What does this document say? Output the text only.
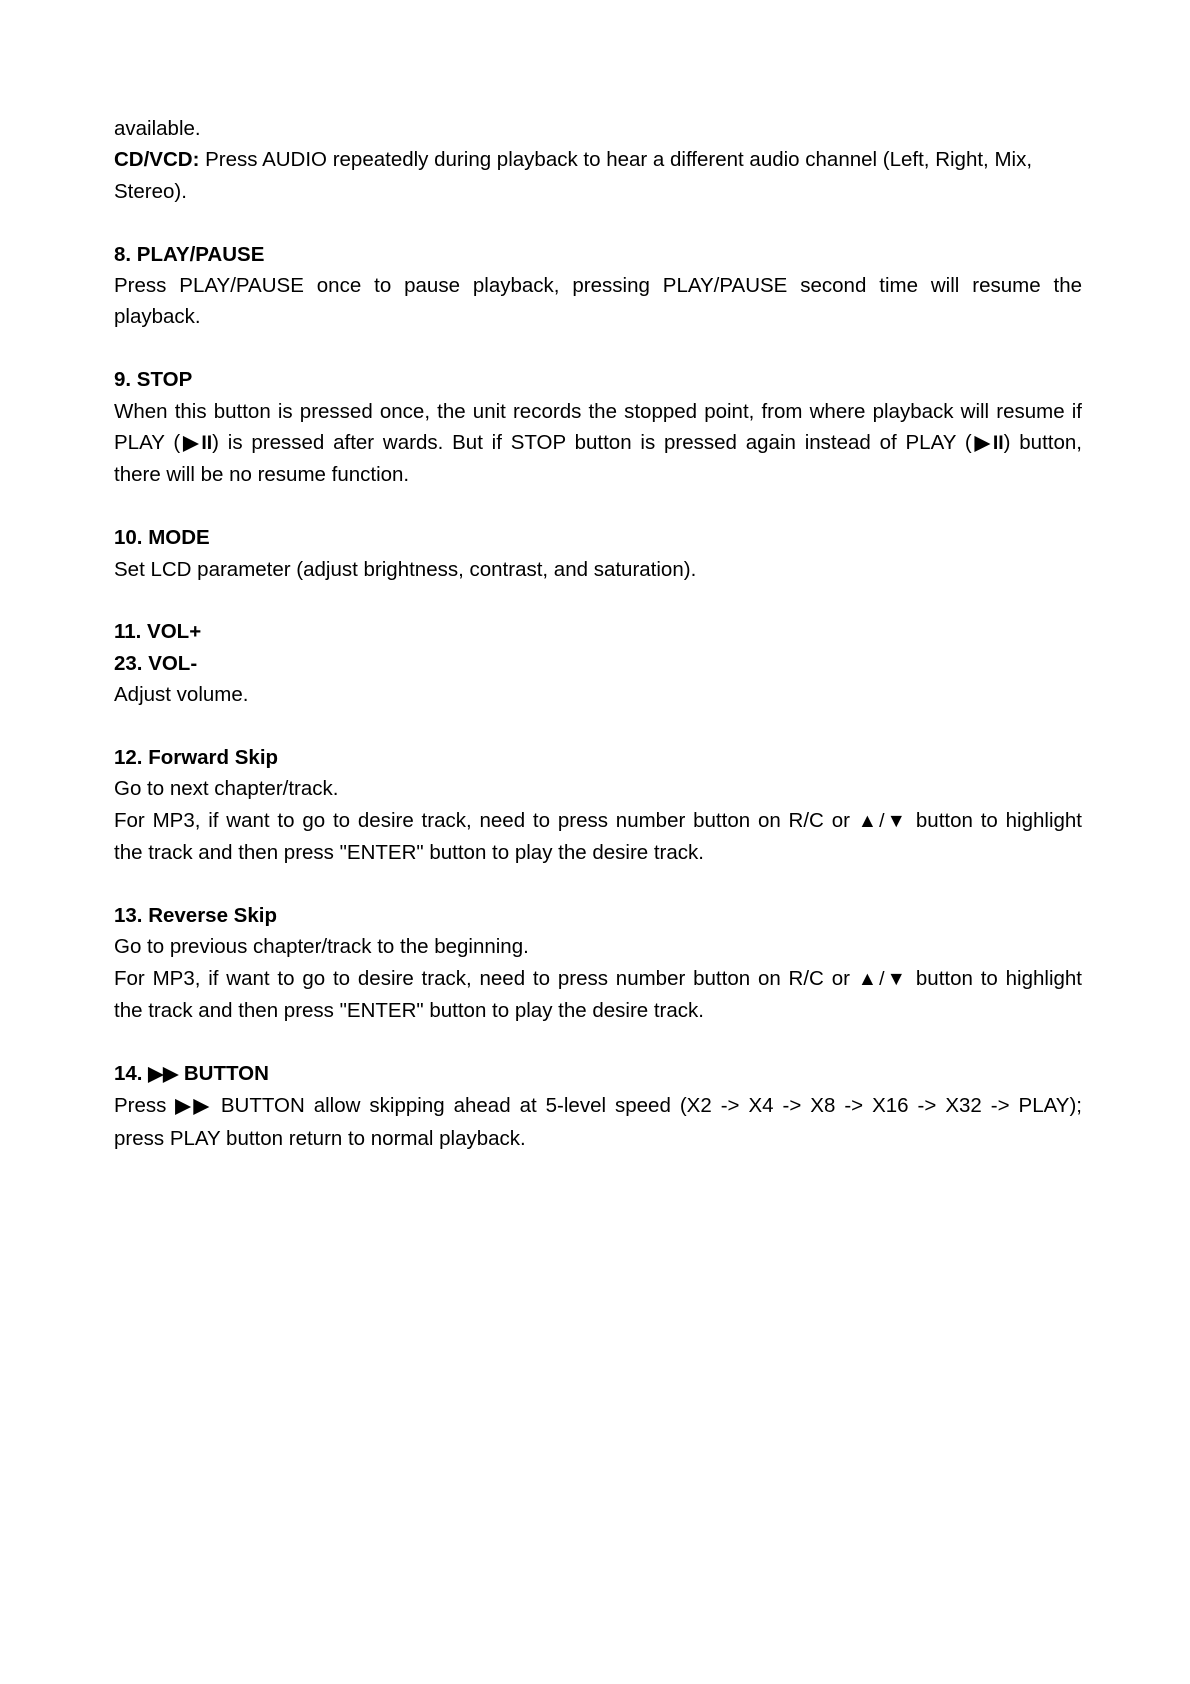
available.

CD/VCD: Press AUDIO repeatedly during playback to hear a different audio channel (Left, Right, Mix,

Stereo).

8. PLAY/PAUSE

Press PLAY/PAUSE once to pause playback, pressing PLAY/PAUSE second time will resume the

playback.

9. STOP

When this button is pressed once, the unit records the stopped point, from where playback will resume if

PLAY (▶II) is pressed after wards. But if STOP button is pressed again instead of PLAY (▶II) button,

there will be no resume function.

10. MODE

Set LCD parameter (adjust brightness, contrast, and saturation).

11. VOL+

23. VOL-

Adjust volume.

12. Forward Skip

Go to next chapter/track.

For MP3, if want to go to desire track, need to press number button on R/C or ▲/▼ button to highlight

the track and then press "ENTER" button to play the desire track.

13. Reverse Skip

Go to previous chapter/track to the beginning.

For MP3, if want to go to desire track, need to press number button on R/C or ▲/▼ button to highlight

the track and then press "ENTER" button to play the desire track.

14. ▶▶ BUTTON

Press ▶▶ BUTTON allow skipping ahead at 5-level speed (X2 -> X4 -> X8 -> X16 -> X32 -> PLAY);

press PLAY button return to normal playback.
